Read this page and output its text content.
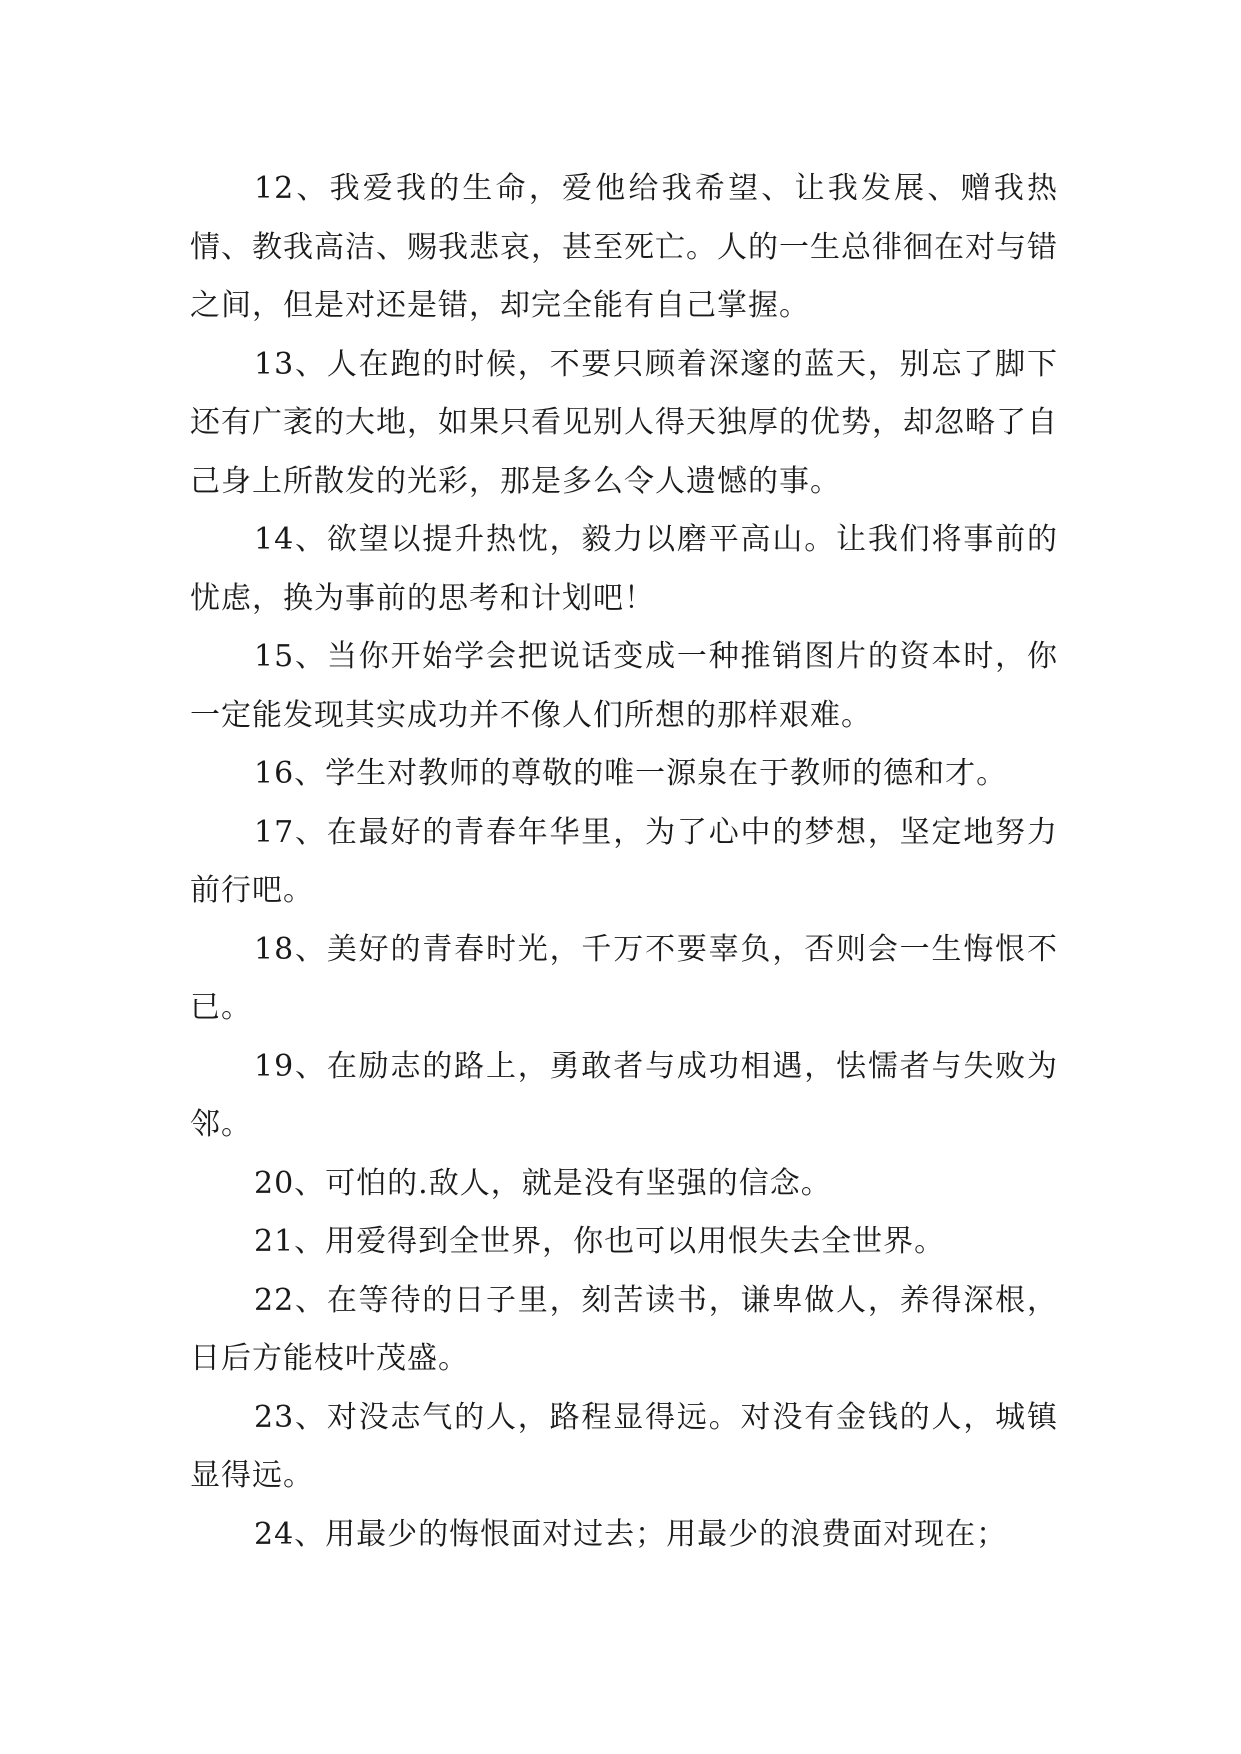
12、我爱我的生命，爱他给我希望、让我发展、赠我热情、教我高洁、赐我悲哀，甚至死亡。人的一生总徘徊在对与错之间，但是对还是错，却完全能有自己掌握。

13、人在跑的时候，不要只顾着深邃的蓝天，别忘了脚下还有广袤的大地，如果只看见别人得天独厚的优势，却忽略了自己身上所散发的光彩，那是多么令人遗憾的事。

14、欲望以提升热忱，毅力以磨平高山。让我们将事前的忧虑，换为事前的思考和计划吧！

15、当你开始学会把说话变成一种推销图片的资本时，你一定能发现其实成功并不像人们所想的那样艰难。

16、学生对教师的尊敬的唯一源泉在于教师的德和才。

17、在最好的青春年华里，为了心中的梦想，坚定地努力前行吧。

18、美好的青春时光，千万不要辜负，否则会一生悔恨不已。

19、在励志的路上，勇敢者与成功相遇，怯懦者与失败为邻。

20、可怕的.敌人，就是没有坚强的信念。

21、用爱得到全世界，你也可以用恨失去全世界。

22、在等待的日子里，刻苦读书，谦卑做人，养得深根，日后方能枝叶茂盛。

23、对没志气的人，路程显得远。对没有金钱的人，城镇显得远。

24、用最少的悔恨面对过去；用最少的浪费面对现在；
